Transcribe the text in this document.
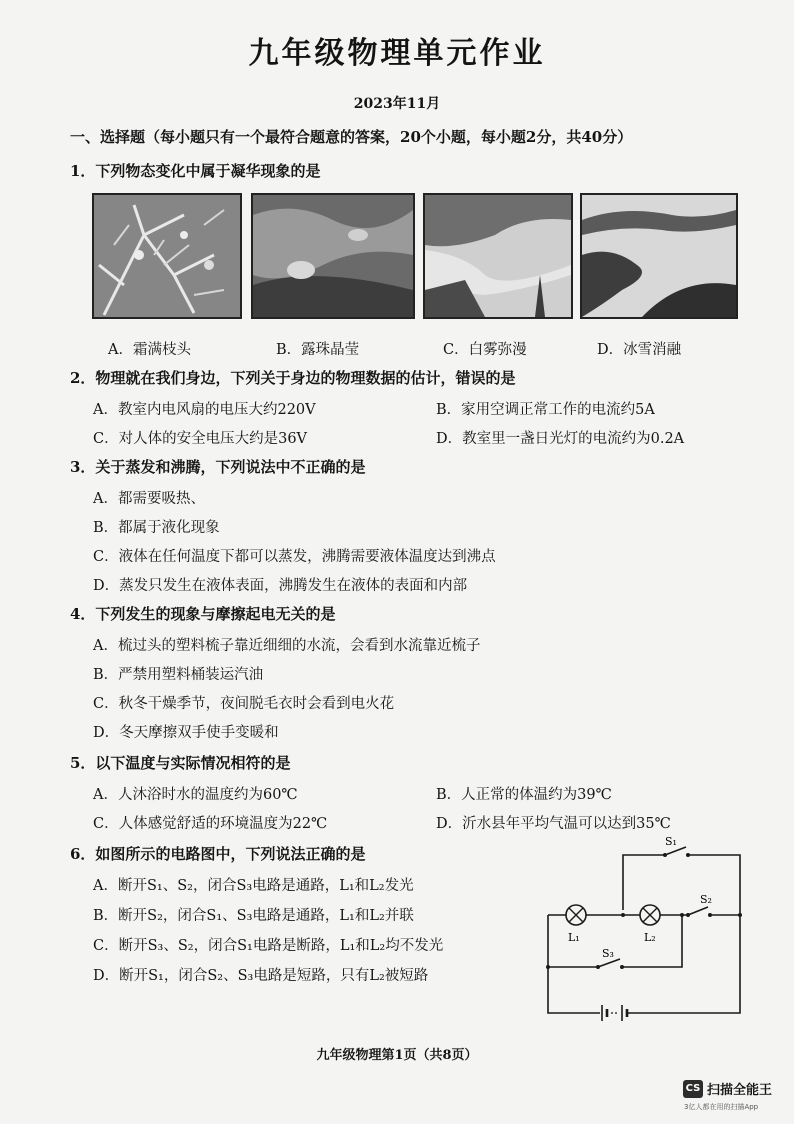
九年级物理单元作业
2023年11月
一、选择题（每小题只有一个最符合题意的答案，20个小题，每小题2分，共40分）
1．下列物态变化中属于凝华现象的是
A．霜满枝头	B．露珠晶莹	C．白雾弥漫	D．冰雪消融
2．物理就在我们身边，下列关于身边的物理数据的估计，错误的是
A．教室内电风扇的电压大约220V	B．家用空调正常工作的电流约5A
C．对人体的安全电压大约是36V	D．教室里一盏日光灯的电流约为0.2A
3．关于蒸发和沸腾，下列说法中不正确的是
A．都需要吸热、
B．都属于液化现象
C．液体在任何温度下都可以蒸发，沸腾需要液体温度达到沸点
D．蒸发只发生在液体表面，沸腾发生在液体的表面和内部
4．下列发生的现象与摩擦起电无关的是
A．梳过头的塑料梳子靠近细细的水流，会看到水流靠近梳子
B．严禁用塑料桶装运汽油
C．秋冬干燥季节，夜间脱毛衣时会看到电火花
D．冬天摩擦双手使手变暖和
5．以下温度与实际情况相符的是
A．人沐浴时水的温度约为60℃	B．人正常的体温约为39℃
C．人体感觉舒适的环境温度为22℃	D．沂水县年平均气温可以达到35℃
6．如图所示的电路图中，下列说法正确的是
A．断开S₁、S₂，闭合S₃电路是通路，L₁和L₂发光
B．断开S₂，闭合S₁、S₃电路是通路，L₁和L₂并联
C．断开S₃、S₂，闭合S₁电路是断路，L₁和L₂均不发光
D．断开S₁，闭合S₂、S₃电路是短路，只有L₂被短路
S₁
S₂
S₃
L₁	L₂
九年级物理第1页（共8页）
CS 扫描全能王
3亿人都在用的扫描App
